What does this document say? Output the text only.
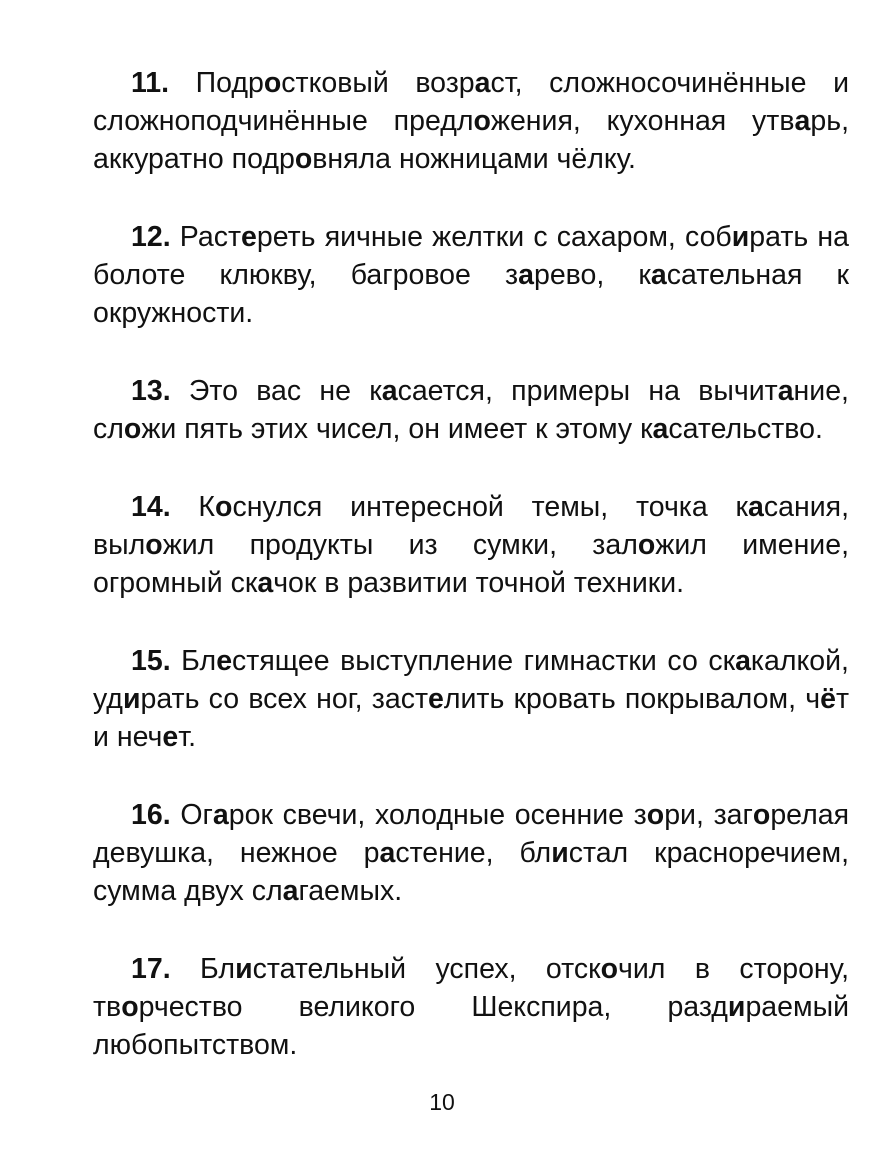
11. Подростковый возраст, сложносочинённые и сложноподчинённые предложения, кухонная утварь, аккуратно подровняла ножницами чёлку.

12. Растереть яичные желтки с сахаром, собирать на болоте клюкву, багровое зарево, касательная к окружности.

13. Это вас не касается, примеры на вычитание, сложи пять этих чисел, он имеет к этому касательство.

14. Коснулся интересной темы, точка касания, выложил продукты из сумки, заложил имение, огромный скачок в развитии точной техники.

15. Блестящее выступление гимнастки со скакалкой, удирать со всех ног, застелить кровать покрывалом, чёт и нечет.

16. Огарок свечи, холодные осенние зори, загорелая девушка, нежное растение, блистал красноречием, сумма двух слагаемых.

17. Блистательный успех, отскочил в сторону, творчество великого Шекспира, раздираемый любопытством.

10
